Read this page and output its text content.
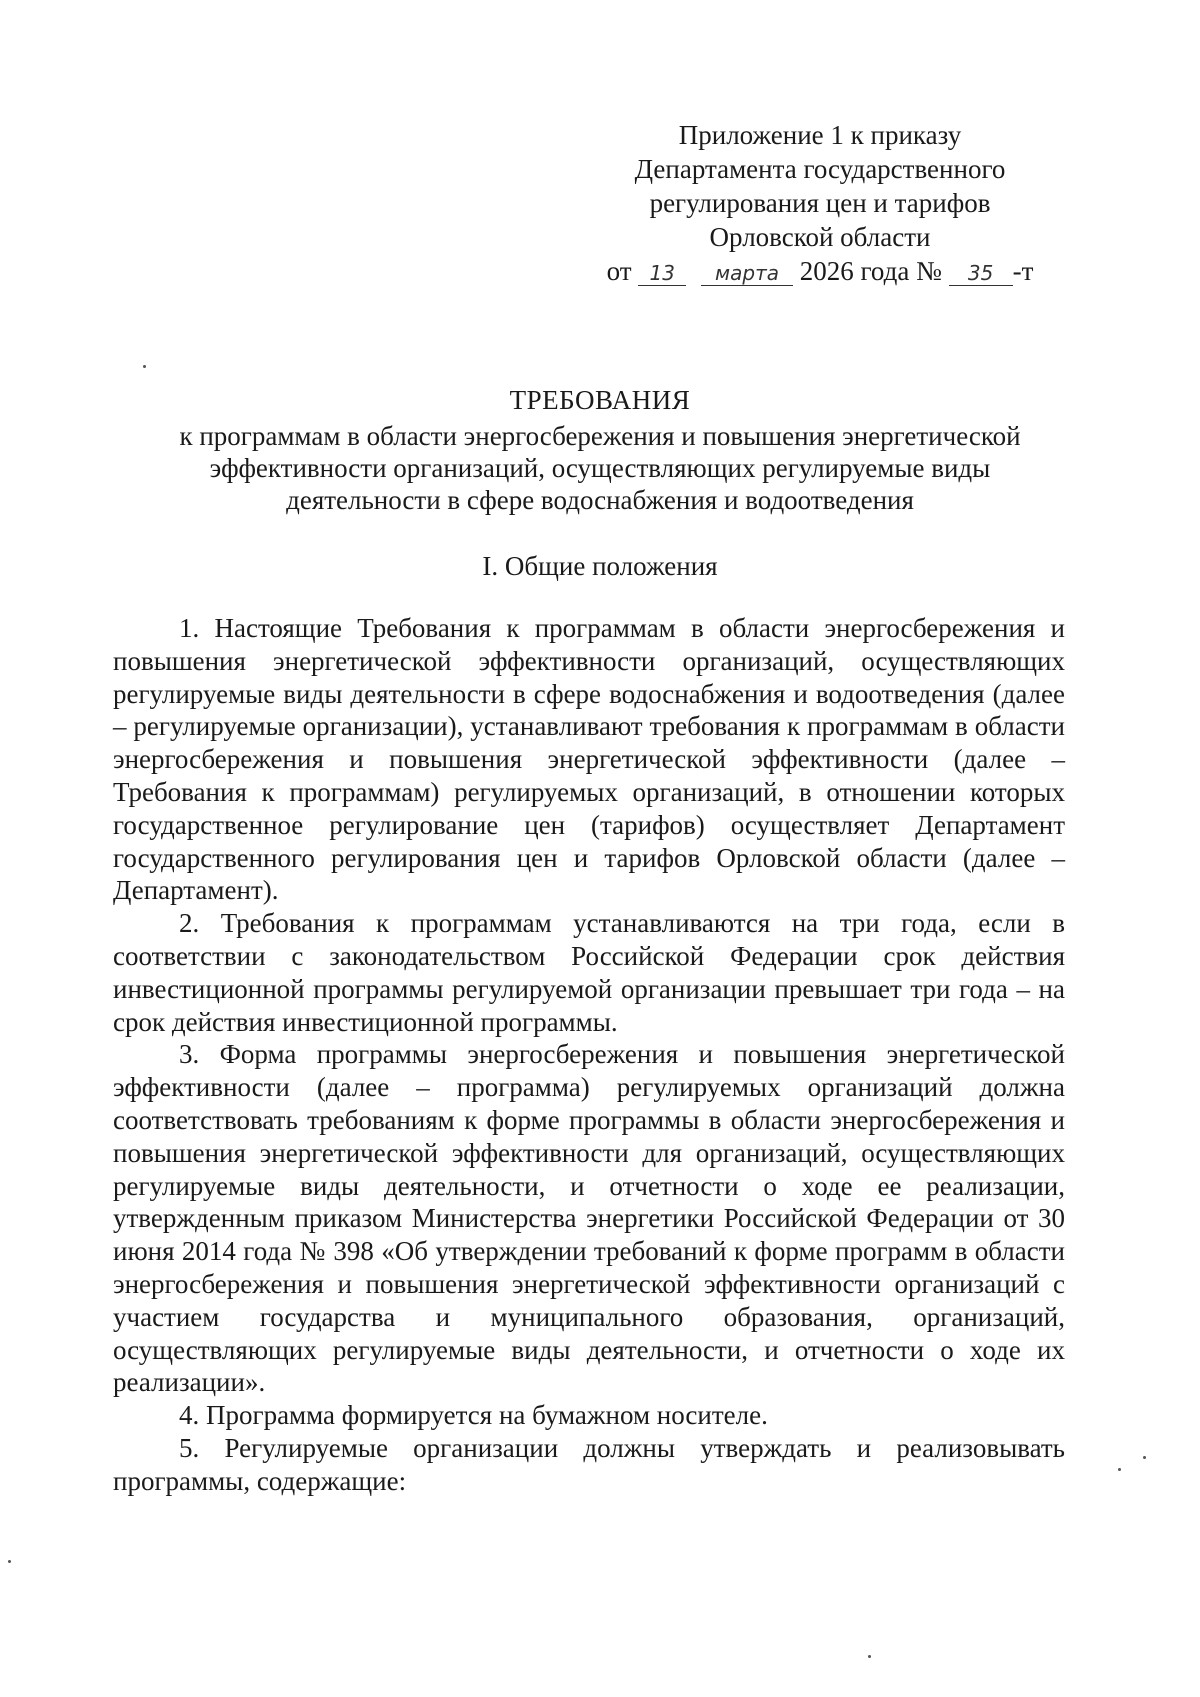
Приложение 1 к приказу
Департамента государственного
регулирования цен и тарифов
Орловской области
от 13 марта 2026 года № 35 -т
ТРЕБОВАНИЯ
к программам в области энергосбережения и повышения энергетической
эффективности организаций, осуществляющих регулируемые виды
деятельности в сфере водоснабжения и водоотведения
I. Общие положения

1. Настоящие Требования к программам в области энергосбережения и повышения энергетической эффективности организаций, осуществляющих регулируемые виды деятельности в сфере водоснабжения и водоотведения (далее – регулируемые организации), устанавливают требования к программам в области энергосбережения и повышения энергетической эффективности (далее – Требования к программам) регулируемых организаций, в отношении которых государственное регулирование цен (тарифов) осуществляет Департамент государственного регулирования цен и тарифов Орловской области (далее – Департамент).

2. Требования к программам устанавливаются на три года, если в соответствии с законодательством Российской Федерации срок действия инвестиционной программы регулируемой организации превышает три года – на срок действия инвестиционной программы.

3. Форма программы энергосбережения и повышения энергетической эффективности (далее – программа) регулируемых организаций должна соответствовать требованиям к форме программы в области энергосбережения и повышения энергетической эффективности для организаций, осуществляющих регулируемые виды деятельности, и отчетности о ходе ее реализации, утвержденным приказом Министерства энергетики Российской Федерации от 30 июня 2014 года № 398 «Об утверждении требований к форме программ в области энергосбережения и повышения энергетической эффективности организаций с участием государства и муниципального образования, организаций, осуществляющих регулируемые виды деятельности, и отчетности о ходе их реализации».

4. Программа формируется на бумажном носителе.

5. Регулируемые организации должны утверждать и реализовывать программы, содержащие:
